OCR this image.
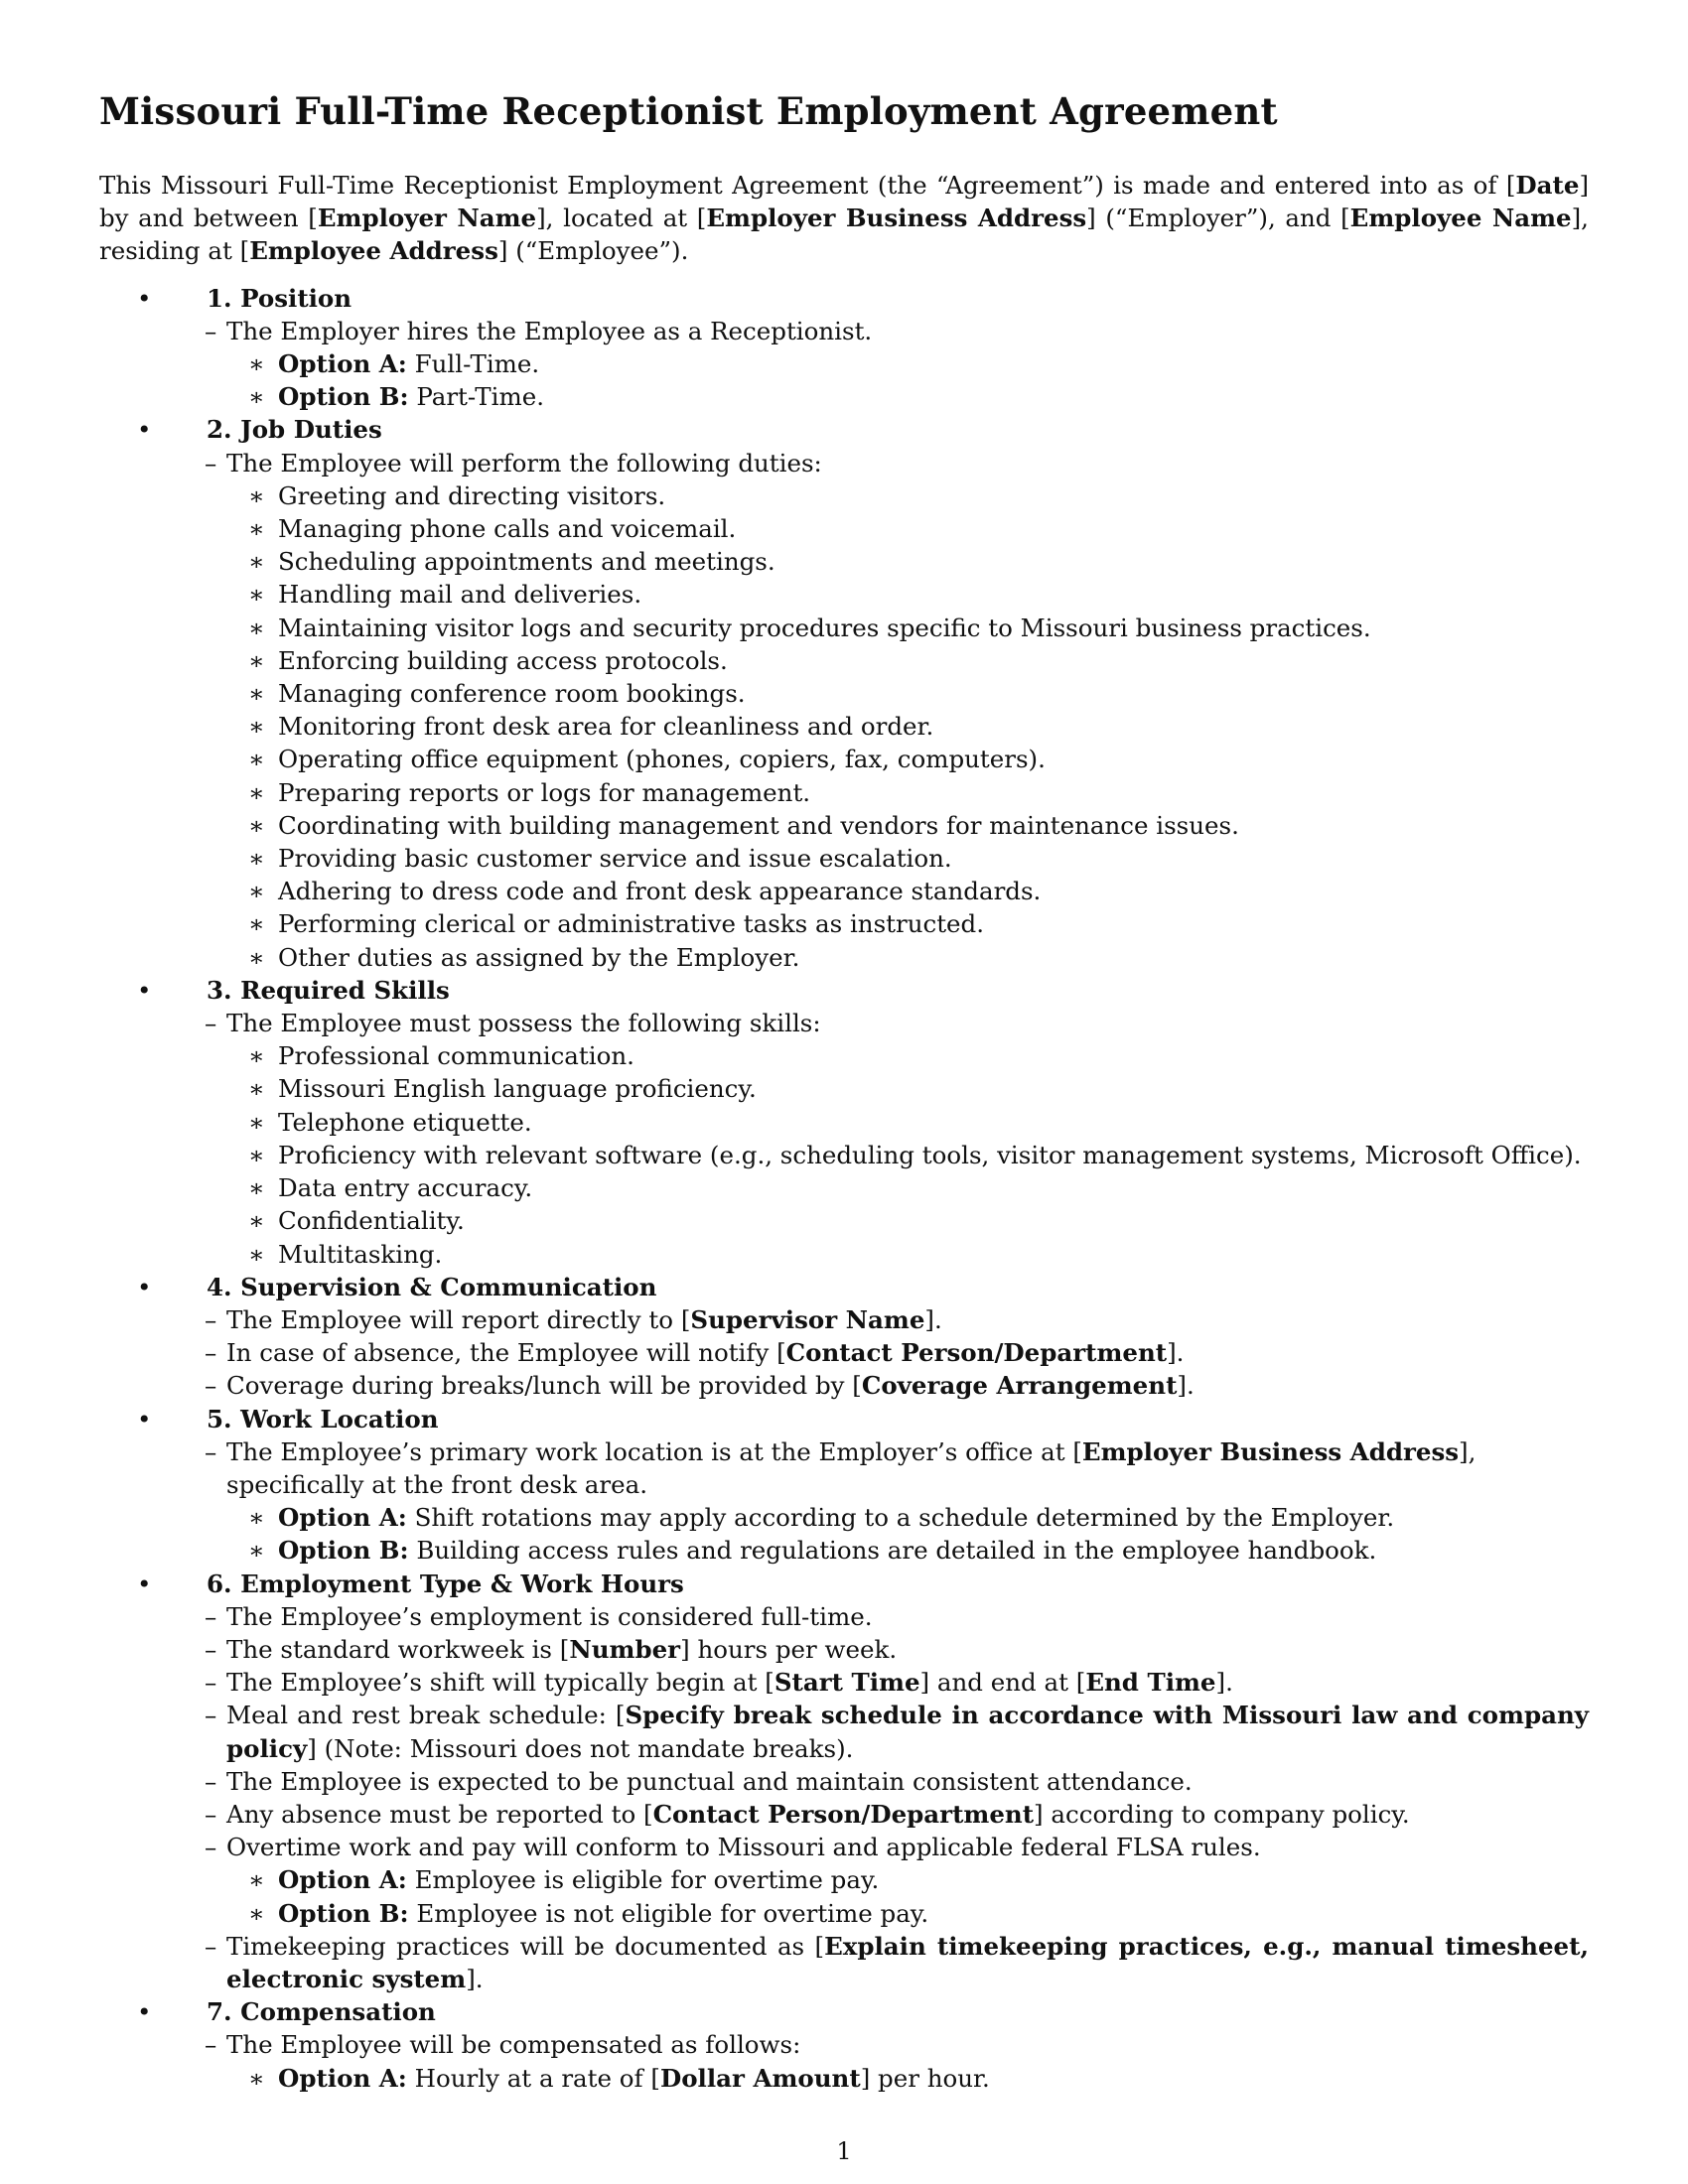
Missouri Full-Time Receptionist Employment Agreement

This Missouri Full-Time Receptionist Employment Agreement (the “Agreement”) is made and entered into as of [Date] by and between [Employer Name], located at [Employer Business Address] (“Employer”), and [Employee Name], residing at [Employee Address] (“Employee”).

• 1. Position
– The Employer hires the Employee as a Receptionist.
∗ Option A: Full-Time.
∗ Option B: Part-Time.
• 2. Job Duties
– The Employee will perform the following duties:
∗ Greeting and directing visitors.
∗ Managing phone calls and voicemail.
∗ Scheduling appointments and meetings.
∗ Handling mail and deliveries.
∗ Maintaining visitor logs and security procedures specific to Missouri business practices.
∗ Enforcing building access protocols.
∗ Managing conference room bookings.
∗ Monitoring front desk area for cleanliness and order.
∗ Operating office equipment (phones, copiers, fax, computers).
∗ Preparing reports or logs for management.
∗ Coordinating with building management and vendors for maintenance issues.
∗ Providing basic customer service and issue escalation.
∗ Adhering to dress code and front desk appearance standards.
∗ Performing clerical or administrative tasks as instructed.
∗ Other duties as assigned by the Employer.
• 3. Required Skills
– The Employee must possess the following skills:
∗ Professional communication.
∗ Missouri English language proficiency.
∗ Telephone etiquette.
∗ Proficiency with relevant software (e.g., scheduling tools, visitor management systems, Microsoft Office).
∗ Data entry accuracy.
∗ Confidentiality.
∗ Multitasking.
• 4. Supervision & Communication
– The Employee will report directly to [Supervisor Name].
– In case of absence, the Employee will notify [Contact Person/Department].
– Coverage during breaks/lunch will be provided by [Coverage Arrangement].
• 5. Work Location
– The Employee’s primary work location is at the Employer’s office at [Employer Business Address], specifically at the front desk area.
∗ Option A: Shift rotations may apply according to a schedule determined by the Employer.
∗ Option B: Building access rules and regulations are detailed in the employee handbook.
• 6. Employment Type & Work Hours
– The Employee’s employment is considered full-time.
– The standard workweek is [Number] hours per week.
– The Employee’s shift will typically begin at [Start Time] and end at [End Time].
– Meal and rest break schedule: [Specify break schedule in accordance with Missouri law and company policy] (Note: Missouri does not mandate breaks).
– The Employee is expected to be punctual and maintain consistent attendance.
– Any absence must be reported to [Contact Person/Department] according to company policy.
– Overtime work and pay will conform to Missouri and applicable federal FLSA rules.
∗ Option A: Employee is eligible for overtime pay.
∗ Option B: Employee is not eligible for overtime pay.
– Timekeeping practices will be documented as [Explain timekeeping practices, e.g., manual timesheet, electronic system].
• 7. Compensation
– The Employee will be compensated as follows:
∗ Option A: Hourly at a rate of [Dollar Amount] per hour.
1
